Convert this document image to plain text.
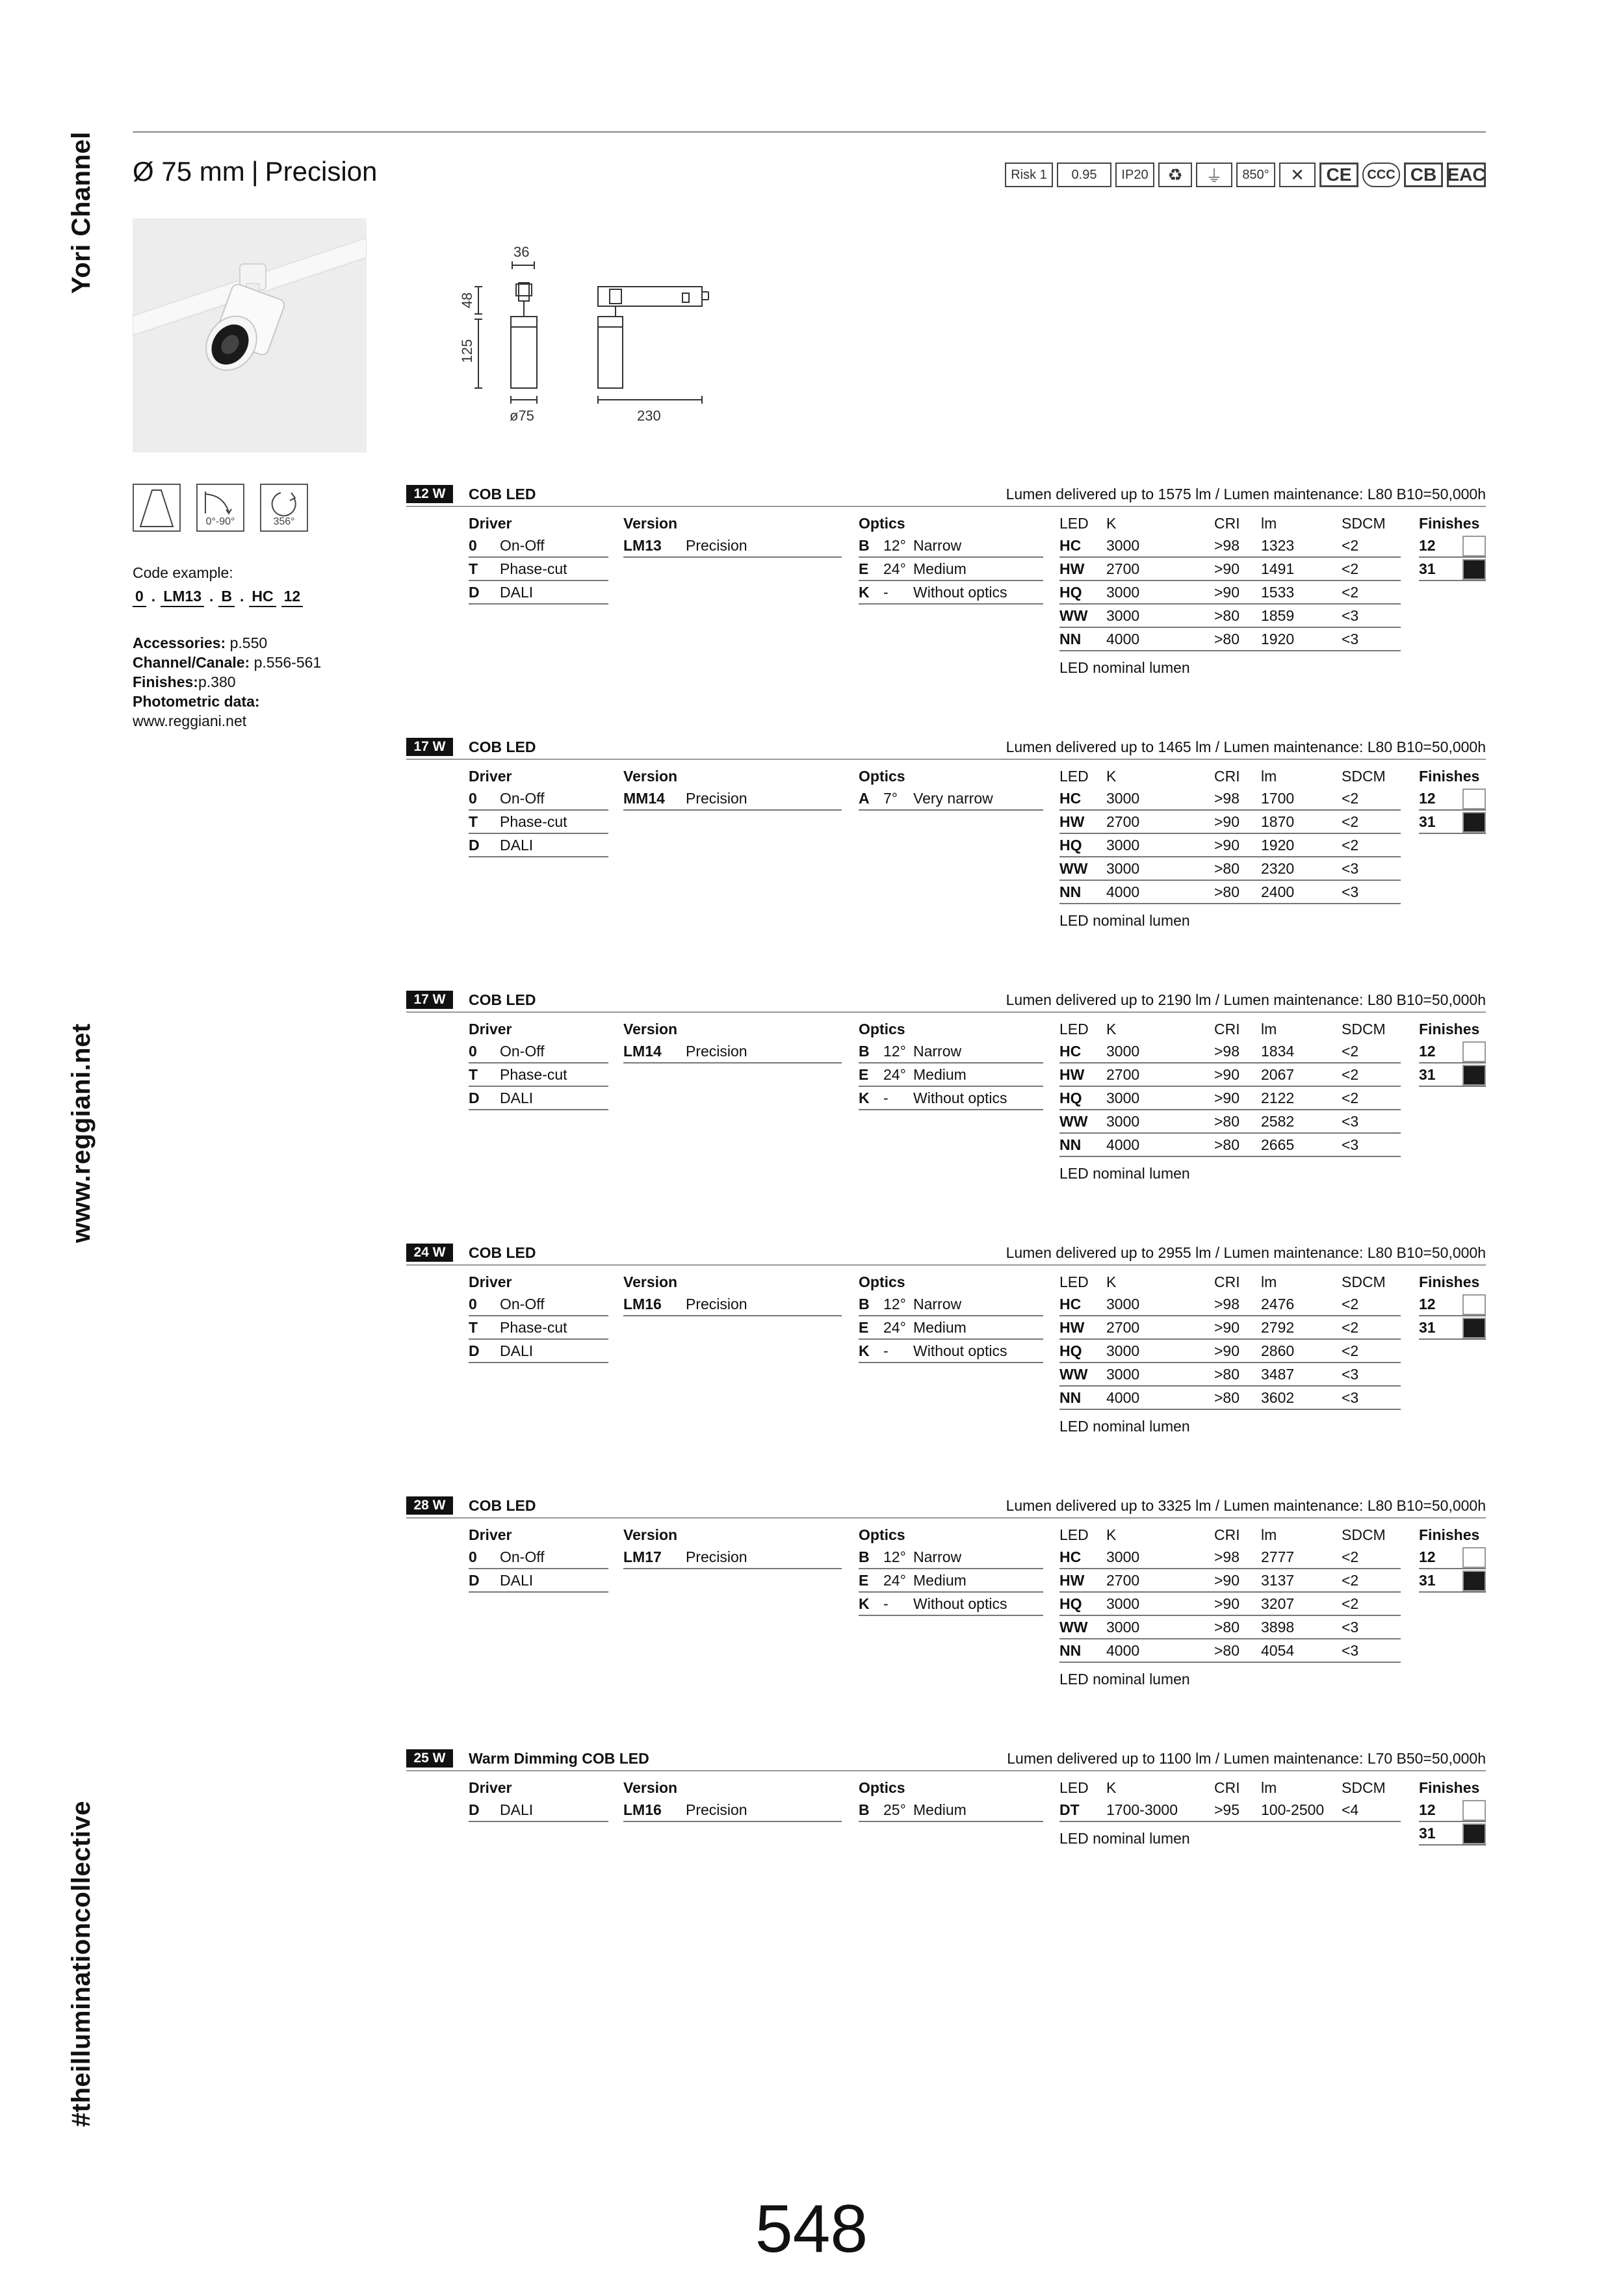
Yori Channel
www.reggiani.net
#theilluminationcollective
Ø 75 mm | Precision	Risk 1	0.95	IP20	♻	⏚	850°	✕	CE	CCC CB EAC
36
48
125
ø75	230
0°-90°	356°
Code example:
0 . LM13 . B . HC 12
Accessories: p.550
Channel/Canale: p.556-561
Finishes:p.380
Photometric data:
www.reggiani.net
12 W	COB LED	Lumen delivered up to 1575 lm / Lumen maintenance: L80 B10=50,000h
Driver
0 On-Off
T Phase-cut
D DALI
Version
LM13 Precision
Optics
B 12° Narrow
E 24° Medium
K - Without optics
LED K	CRI lm	SDCM
HC 3000	>98 1323	<2
HW 2700	>90 1491	<2
HQ 3000	>90 1533	<2
WW 3000	>80 1859	<3
NN 4000	>80 1920	<3
LED nominal lumen
Finishes
12
31
17 W	COB LED	Lumen delivered up to 1465 lm / Lumen maintenance: L80 B10=50,000h
Driver
0 On-Off
T Phase-cut
D DALI
Version
MM14 Precision
Optics
A 7° Very narrow
LED K	CRI lm	SDCM
HC 3000	>98 1700	<2
HW 2700	>90 1870	<2
HQ 3000	>90 1920	<2
WW 3000	>80 2320	<3
NN 4000	>80 2400	<3
LED nominal lumen
Finishes
12
31
17 W	COB LED	Lumen delivered up to 2190 lm / Lumen maintenance: L80 B10=50,000h
Driver
0 On-Off
T Phase-cut
D DALI
Version
LM14 Precision
Optics
B 12° Narrow
E 24° Medium
K - Without optics
LED K	CRI lm	SDCM
HC 3000	>98 1834	<2
HW 2700	>90 2067	<2
HQ 3000	>90 2122	<2
WW 3000	>80 2582	<3
NN 4000	>80 2665	<3
LED nominal lumen
Finishes
12
31
24 W	COB LED	Lumen delivered up to 2955 lm / Lumen maintenance: L80 B10=50,000h
Driver
0 On-Off
T Phase-cut
D DALI
Version
LM16 Precision
Optics
B 12° Narrow
E 24° Medium
K - Without optics
LED K	CRI lm	SDCM
HC 3000	>98 2476	<2
HW 2700	>90 2792	<2
HQ 3000	>90 2860	<2
WW 3000	>80 3487	<3
NN 4000	>80 3602	<3
LED nominal lumen
Finishes
12
31
28 W	COB LED	Lumen delivered up to 3325 lm / Lumen maintenance: L80 B10=50,000h
Driver
0 On-Off
D DALI
Version
LM17 Precision
Optics
B 12° Narrow
E 24° Medium
K - Without optics
LED K	CRI lm	SDCM
HC 3000	>98 2777	<2
HW 2700	>90 3137	<2
HQ 3000	>90 3207	<2
WW 3000	>80 3898	<3
NN 4000	>80 4054	<3
LED nominal lumen
Finishes
12
31
25 W	Warm Dimming COB LED	Lumen delivered up to 1100 lm / Lumen maintenance: L70 B50=50,000h
Driver
D DALI
Version
LM16 Precision
Optics
B 25° Medium
LED K	CRI lm	SDCM
DT 1700-3000 >95 100-2500 <4
LED nominal lumen
Finishes
12
31
548
